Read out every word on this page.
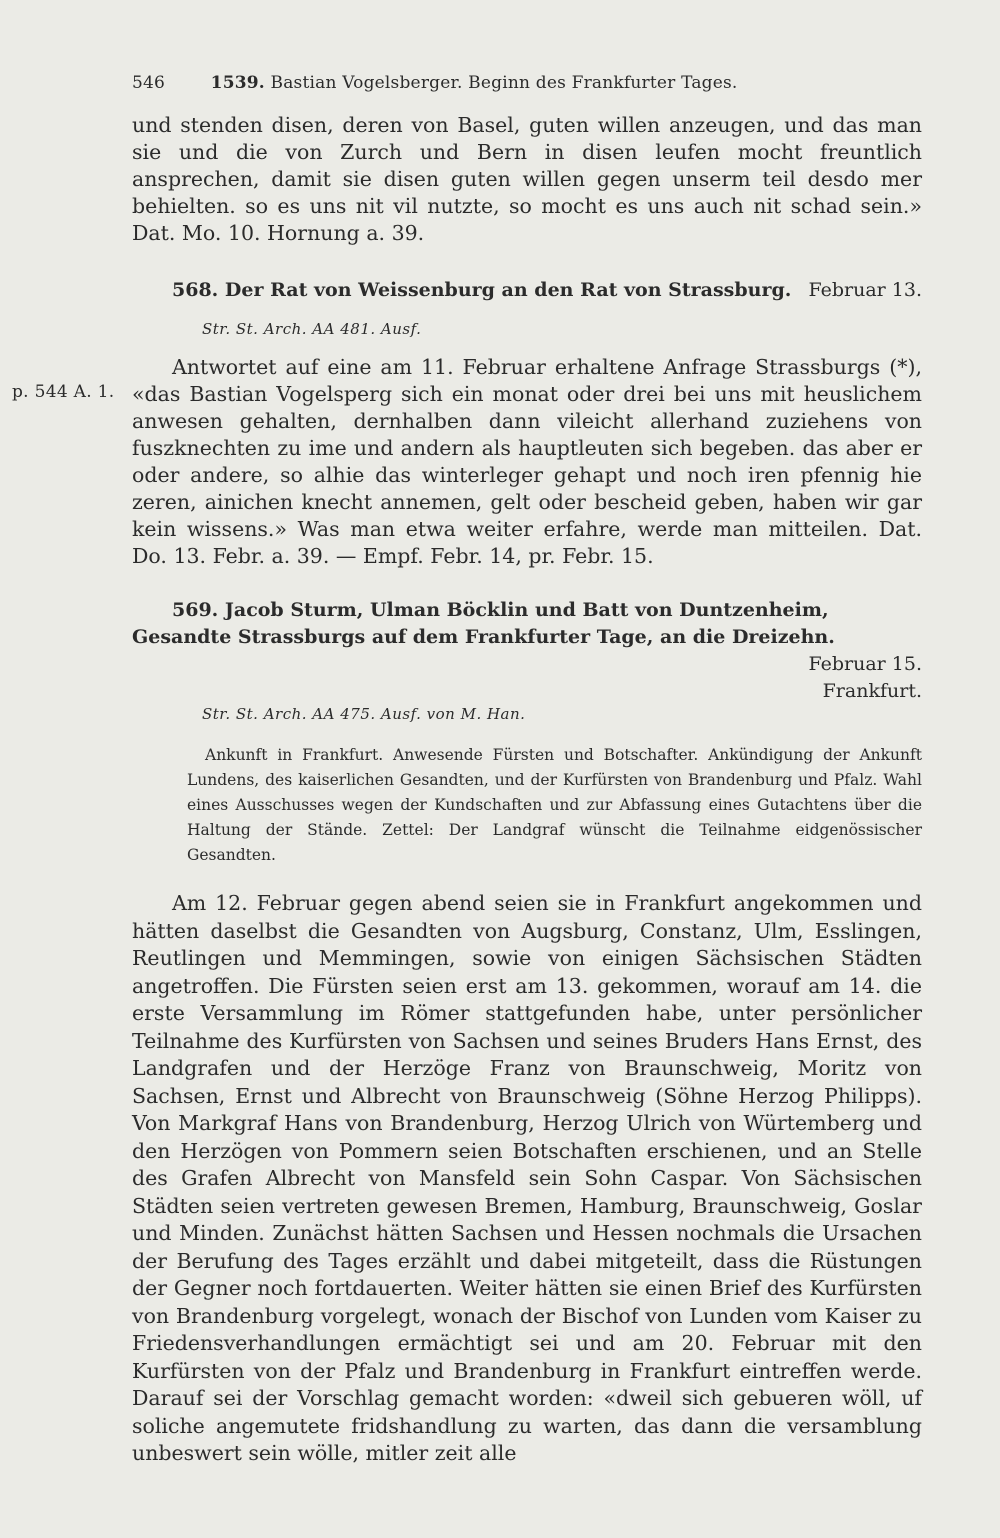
546	1539. Bastian Vogelsberger. Beginn des Frankfurter Tages.

und stenden disen, deren von Basel, guten willen anzeugen, und das man sie und die von Zurch und Bern in disen leufen mocht freuntlich ansprechen, damit sie disen guten willen gegen unserm teil desdo mer behielten. so es uns nit vil nutzte, so mocht es uns auch nit schad sein.» Dat. Mo. 10. Hornung a. 39.

568. Der Rat von Weissenburg an den Rat von Strassburg. Februar 13.

Str. St. Arch. AA 481. Ausf.

Antwortet auf eine am 11. Februar erhaltene Anfrage Strassburgs (*), «das Bastian Vogelsperg sich ein monat oder drei bei uns mit heuslichem anwesen gehalten, dernhalben dann vileicht allerhand zuziehens von fuszknechten zu ime und andern als hauptleuten sich begeben. das aber er oder andere, so alhie das winterleger gehapt und noch iren pfennig hie zeren, ainichen knecht annemen, gelt oder bescheid geben, haben wir gar kein wissens.» Was man etwa weiter erfahre, werde man mitteilen. Dat. Do. 13. Febr. a. 39. — Empf. Febr. 14, pr. Febr. 15.

p. 544 A. 1.

569. Jacob Sturm, Ulman Böcklin und Batt von Duntzenheim, Gesandte Strassburgs auf dem Frankfurter Tage, an die Dreizehn.

Februar 15.

Frankfurt.

Str. St. Arch. AA 475. Ausf. von M. Han.

Ankunft in Frankfurt. Anwesende Fürsten und Botschafter. Ankündigung der Ankunft Lundens, des kaiserlichen Gesandten, und der Kurfürsten von Brandenburg und Pfalz. Wahl eines Ausschusses wegen der Kundschaften und zur Abfassung eines Gutachtens über die Haltung der Stände. Zettel: Der Landgraf wünscht die Teilnahme eidgenössischer Gesandten.

Am 12. Februar gegen abend seien sie in Frankfurt angekommen und hätten daselbst die Gesandten von Augsburg, Constanz, Ulm, Esslingen, Reutlingen und Memmingen, sowie von einigen Sächsischen Städten angetroffen. Die Fürsten seien erst am 13. gekommen, worauf am 14. die erste Versammlung im Römer stattgefunden habe, unter persönlicher Teilnahme des Kurfürsten von Sachsen und seines Bruders Hans Ernst, des Landgrafen und der Herzöge Franz von Braunschweig, Moritz von Sachsen, Ernst und Albrecht von Braunschweig (Söhne Herzog Philipps). Von Markgraf Hans von Brandenburg, Herzog Ulrich von Würtemberg und den Herzögen von Pommern seien Botschaften erschienen, und an Stelle des Grafen Albrecht von Mansfeld sein Sohn Caspar. Von Sächsischen Städten seien vertreten gewesen Bremen, Hamburg, Braunschweig, Goslar und Minden. Zunächst hätten Sachsen und Hessen nochmals die Ursachen der Berufung des Tages erzählt und dabei mitgeteilt, dass die Rüstungen der Gegner noch fortdauerten. Weiter hätten sie einen Brief des Kurfürsten von Brandenburg vorgelegt, wonach der Bischof von Lunden vom Kaiser zu Friedensverhandlungen ermächtigt sei und am 20. Februar mit den Kurfürsten von der Pfalz und Brandenburg in Frankfurt eintreffen werde. Darauf sei der Vorschlag gemacht worden: «dweil sich gebueren wöll, uf soliche angemutete fridshandlung zu warten, das dann die versamblung unbeswert sein wölle, mitler zeit alle
